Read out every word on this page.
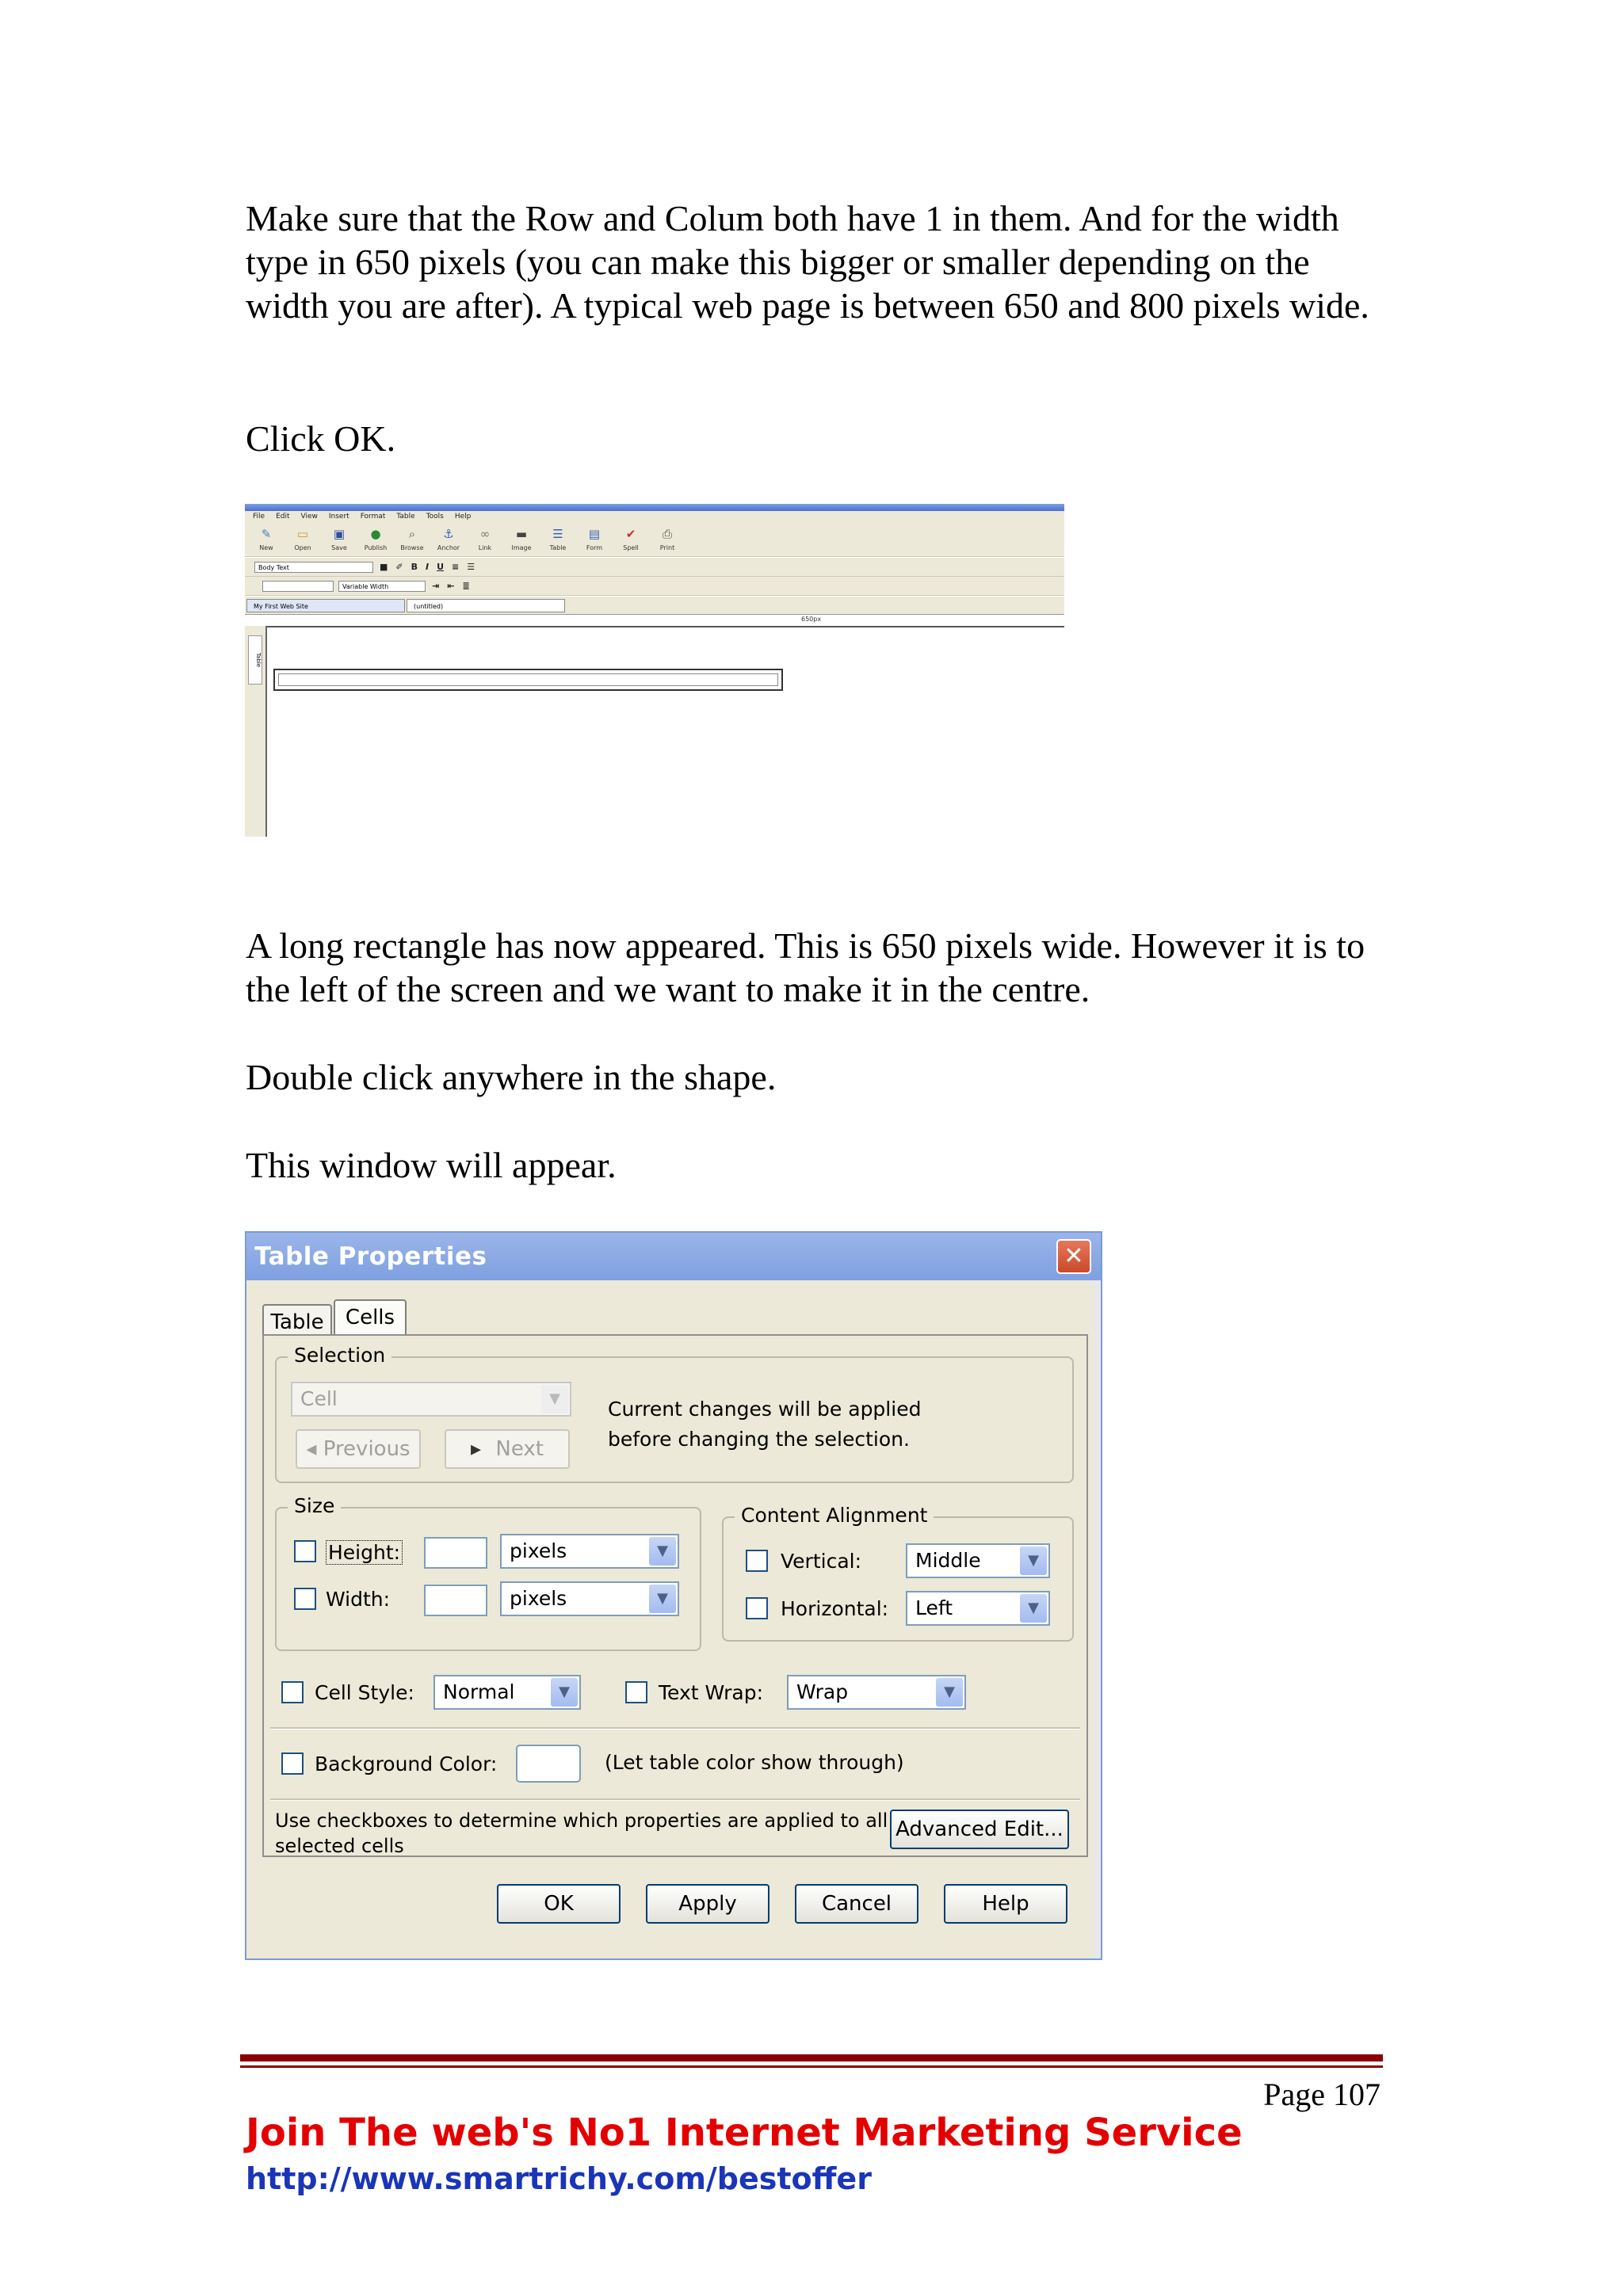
Make sure that the Row and Colum both have 1 in them. And for the width type in 650 pixels (you can make this bigger or smaller depending on the width you are after). A typical web page is between 650 and 800 pixels wide.

Click OK.

File Edit View Insert Format Table Tools Help
✎
New
▭
Open
▣
Save
●
Publish
⌕
Browse
⚓
Anchor
∞
Link
▬
Image
☰
Table
▤
Form
✔
Spell
⎙
Print
Body Text	■ ✐ B I U ≡ ☰
Variable Width	⇥ ⇤ ≣
My First Web Site	(untitled)
650px
Table

A long rectangle has now appeared. This is 650 pixels wide. However it is to the left of the screen and we want to make it in the centre.

Double click anywhere in the shape.

This window will appear.

Table Properties	✕
Table	Cells
Selection
Cell	▼
◂ Previous	▸ Next
Current changes will be applied
before changing the selection.
Size
Height:	pixels	▼
Width:	pixels	▼
Content Alignment
Vertical:	Middle	▼
Horizontal:	Left	▼
Cell Style:	Normal	▼	Text Wrap:	Wrap	▼
Background Color:	(Let table color show through)
Use checkboxes to determine which properties are applied to all
selected cells
Advanced Edit...
OK	Apply	Cancel	Help
Page 107
Join The web's No1 Internet Marketing Service
http://www.smartrichy.com/bestoffer
